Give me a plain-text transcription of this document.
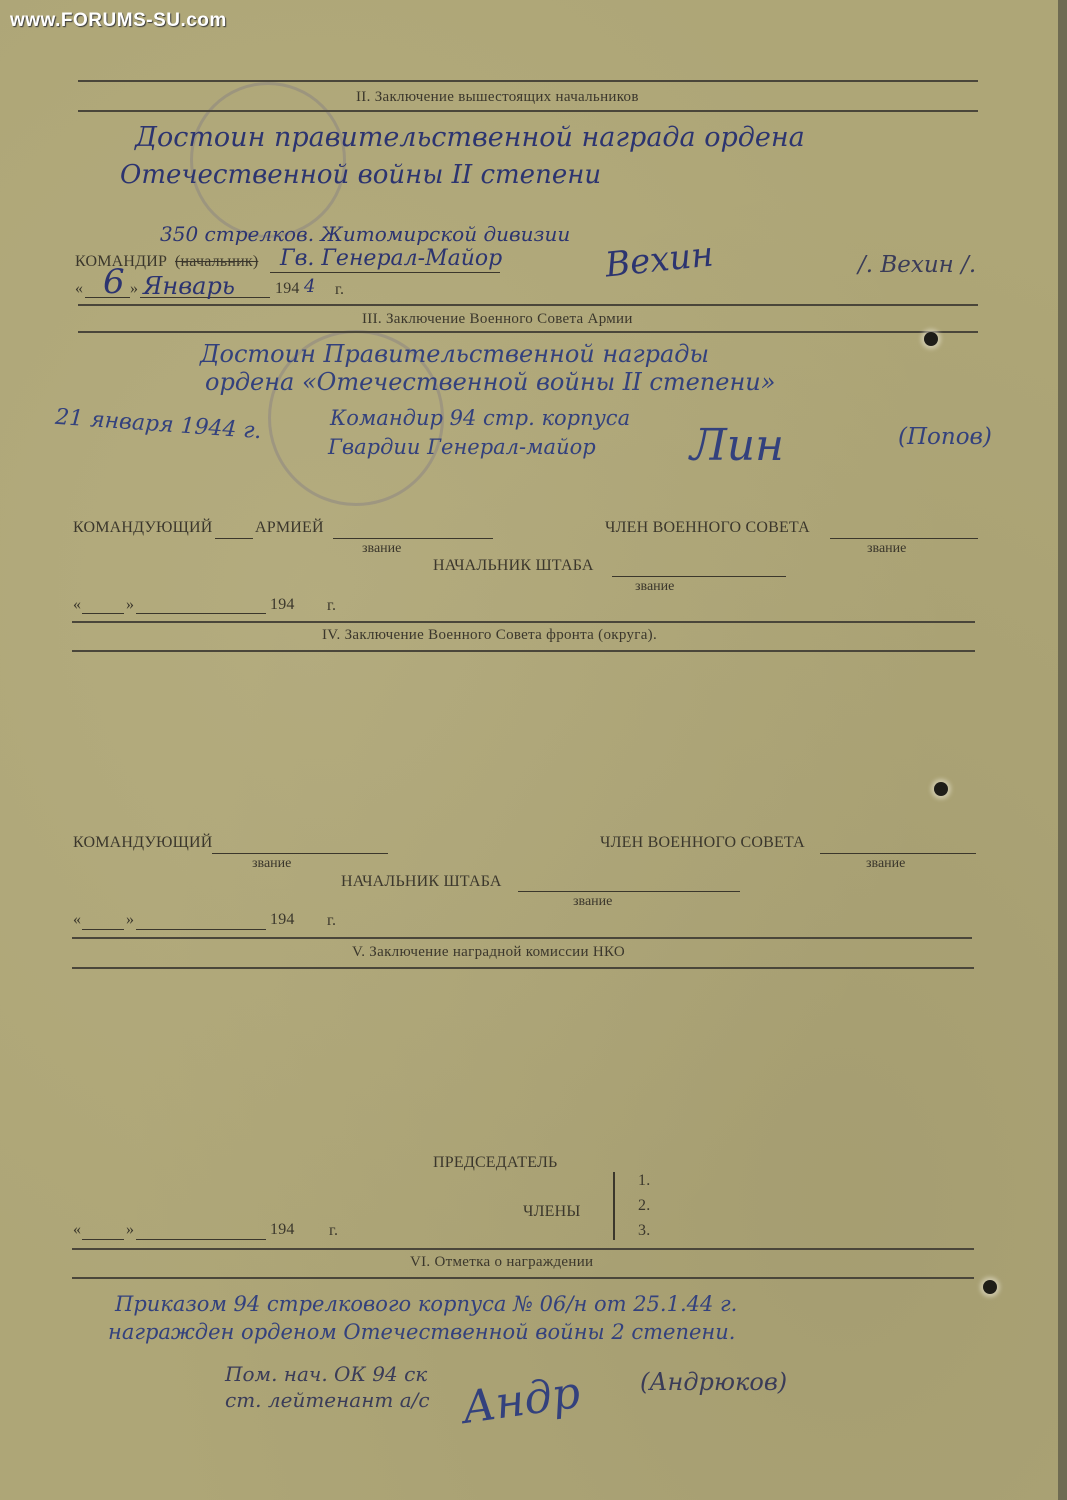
www.FORUMS-SU.com
II. Заключение вышестоящих начальников
Достоин правительственной награда ордена
Отечественной войны II степени
350 стрелков. Житомирской дивизии
КОМАНДИР (начальник) Гв. Генерал-Майор	Вехин	/. Вехин /.
« 6 » Январь	194 4 г.
III. Заключение Военного Совета Армии
Достоин Правительственной награды
ордена «Отечественной войны II степени»
21 января 1944 г.	Командир 94 стр. корпуса
Гвардии Генерал-майор Лин	(Попов)
КОМАНДУЮЩИЙ	АРМИЕЙ
звание
ЧЛЕН ВОЕННОГО СОВЕТА
звание
НАЧАЛЬНИК ШТАБА
звание
«	»	194 г.
IV. Заключение Военного Совета фронта (округа).
КОМАНДУЮЩИЙ
звание
ЧЛЕН ВОЕННОГО СОВЕТА
звание
НАЧАЛЬНИК ШТАБА
звание
«	»	194 г.
V. Заключение наградной комиссии НКО
ПРЕДСЕДАТЕЛЬ
ЧЛЕНЫ
1.
2.
3.
«	»	194 г.
VI. Отметка о награждении
Приказом 94 стрелкового корпуса № 06/н от 25.1.44 г.
награжден орденом Отечественной войны 2 степени.
Пом. нач. ОК 94 ск
ст. лейтенант а/с Андр (Андрюков)
